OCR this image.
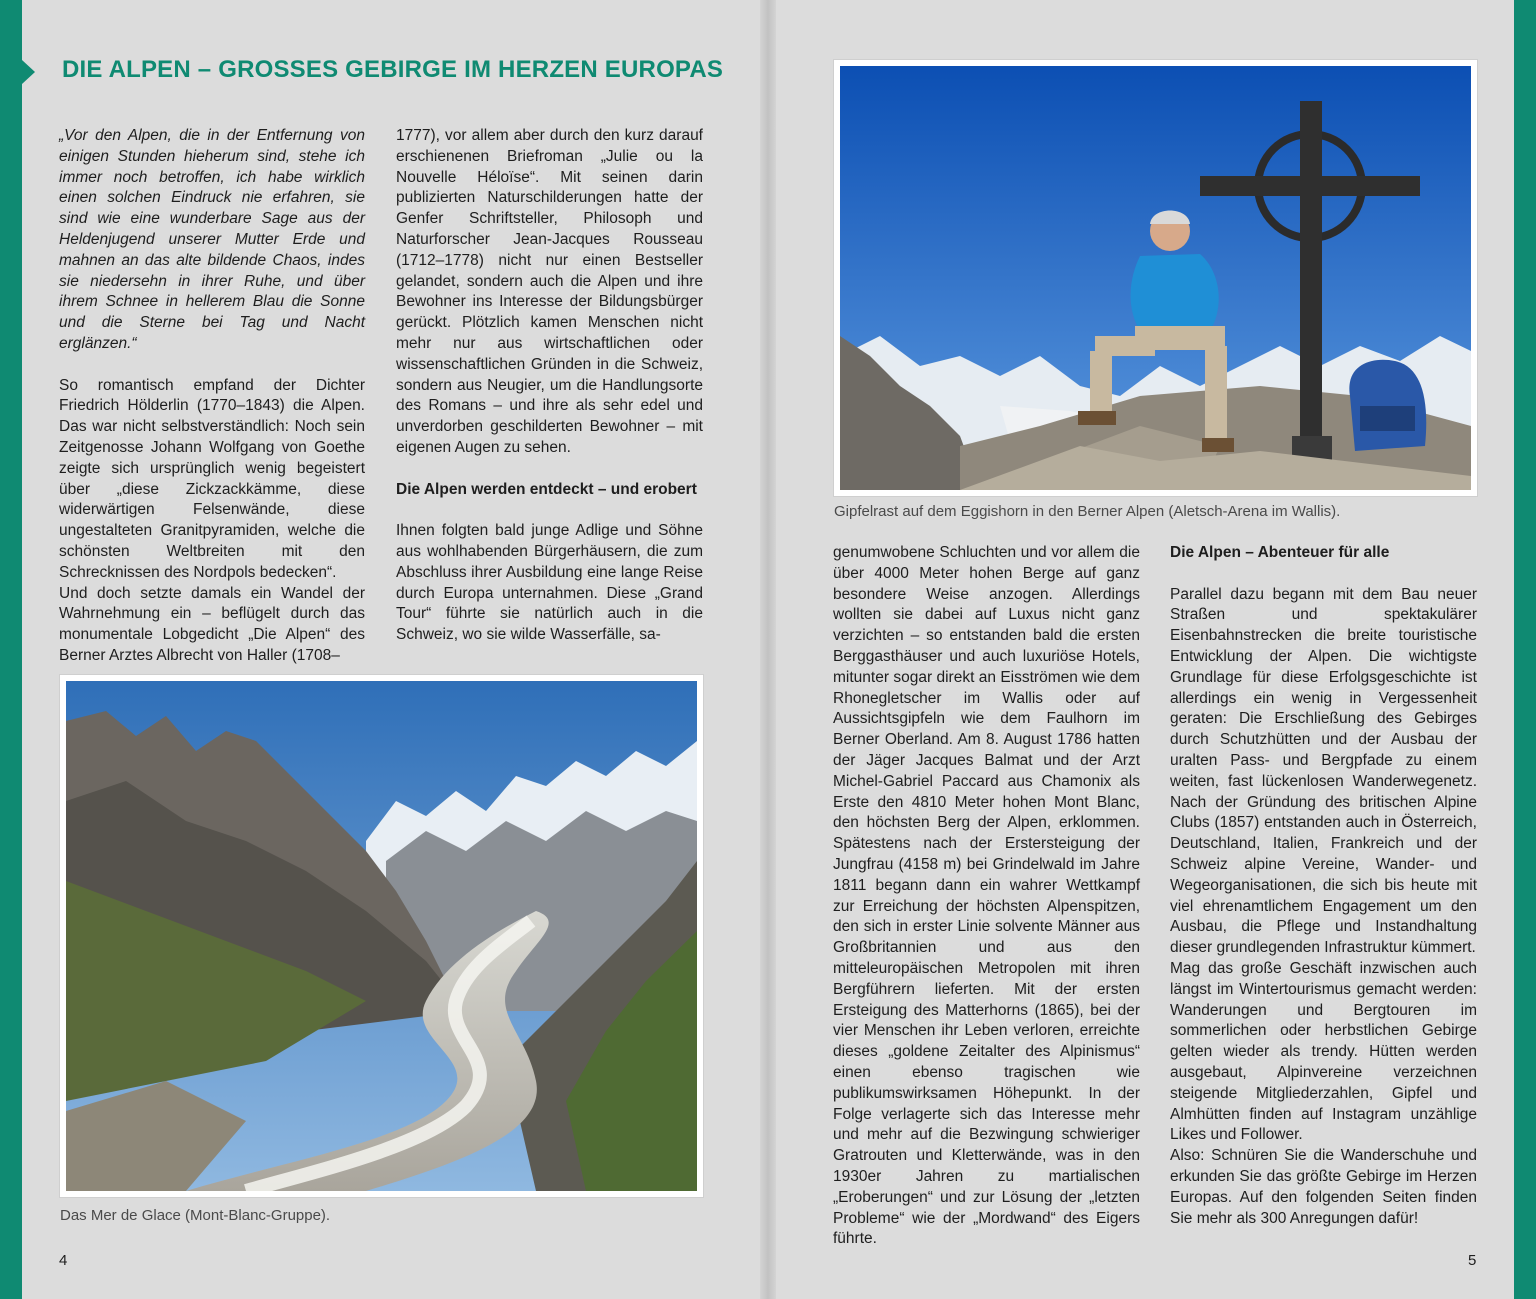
DIE ALPEN – GROSSES GEBIRGE IM HERZEN EUROPAS

„Vor den Alpen, die in der Entfernung von einigen Stunden hieherum sind, stehe ich immer noch betroffen, ich habe wirklich einen solchen Eindruck nie erfahren, sie sind wie eine wunderbare Sage aus der Heldenjugend unserer Mutter Erde und mahnen an das alte bildende Chaos, indes sie niedersehn in ihrer Ruhe, und über ihrem Schnee in hellerem Blau die Sonne und die Sterne bei Tag und Nacht erglänzen.“

So romantisch empfand der Dichter Friedrich Hölderlin (1770–1843) die Alpen. Das war nicht selbstverständlich: Noch sein Zeitgenosse Johann Wolfgang von Goethe zeigte sich ursprünglich wenig begeistert über „diese Zickzackkämme, diese widerwärtigen Felsenwände, diese ungestalteten Granitpyramiden, welche die schönsten Weltbreiten mit den Schrecknissen des Nordpols bedecken“.

Und doch setzte damals ein Wandel der Wahrnehmung ein – beflügelt durch das monumentale Lobgedicht „Die Alpen“ des Berner Arztes Albrecht von Haller (1708–

1777), vor allem aber durch den kurz darauf erschienenen Briefroman „Julie ou la Nouvelle Héloïse“. Mit seinen darin publizierten Naturschilderungen hatte der Genfer Schriftsteller, Philosoph und Naturforscher Jean-Jacques Rousseau (1712–1778) nicht nur einen Bestseller gelandet, sondern auch die Alpen und ihre Bewohner ins Interesse der Bildungsbürger gerückt. Plötzlich kamen Menschen nicht mehr nur aus wirtschaftlichen oder wissenschaftlichen Gründen in die Schweiz, sondern aus Neugier, um die Handlungsorte des Romans – und ihre als sehr edel und unverdorben geschilderten Bewohner – mit eigenen Augen zu sehen.

Die Alpen werden entdeckt – und erobert

Ihnen folgten bald junge Adlige und Söhne aus wohlhabenden Bürgerhäusern, die zum Abschluss ihrer Ausbildung eine lange Reise durch Europa unternahmen. Diese „Grand Tour“ führte sie natürlich auch in die Schweiz, wo sie wilde Wasserfälle, sa-

Das Mer de Glace (Mont-Blanc-Gruppe).
4
Gipfelrast auf dem Eggishorn in den Berner Alpen (Aletsch-Arena im Wallis).

genumwobene Schluchten und vor allem die über 4000 Meter hohen Berge auf ganz besondere Weise anzogen. Allerdings wollten sie dabei auf Luxus nicht ganz verzichten – so entstanden bald die ersten Berggasthäuser und auch luxuriöse Hotels, mitunter sogar direkt an Eisströmen wie dem Rhonegletscher im Wallis oder auf Aussichtsgipfeln wie dem Faulhorn im Berner Oberland. Am 8. August 1786 hatten der Jäger Jacques Balmat und der Arzt Michel-Gabriel Paccard aus Chamonix als Erste den 4810 Meter hohen Mont Blanc, den höchsten Berg der Alpen, erklommen. Spätestens nach der Erstersteigung der Jungfrau (4158 m) bei Grindelwald im Jahre 1811 begann dann ein wahrer Wettkampf zur Erreichung der höchsten Alpenspitzen, den sich in erster Linie solvente Männer aus Großbritannien und aus den mitteleuropäischen Metropolen mit ihren Bergführern lieferten. Mit der ersten Ersteigung des Matterhorns (1865), bei der vier Menschen ihr Leben verloren, erreichte dieses „goldene Zeitalter des Alpinismus“ einen ebenso tragischen wie publikumswirksamen Höhepunkt. In der Folge verlagerte sich das Interesse mehr und mehr auf die Bezwingung schwieriger Gratrouten und Kletterwände, was in den 1930er Jahren zu martialischen „Eroberungen“ und zur Lösung der „letzten Probleme“ wie der „Mordwand“ des Eigers führte.

Die Alpen – Abenteuer für alle

Parallel dazu begann mit dem Bau neuer Straßen und spektakulärer Eisenbahnstrecken die breite touristische Entwicklung der Alpen. Die wichtigste Grundlage für diese Erfolgsgeschichte ist allerdings ein wenig in Vergessenheit geraten: Die Erschließung des Gebirges durch Schutzhütten und der Ausbau der uralten Pass- und Bergpfade zu einem weiten, fast lückenlosen Wanderwegenetz. Nach der Gründung des britischen Alpine Clubs (1857) entstanden auch in Österreich, Deutschland, Italien, Frankreich und der Schweiz alpine Vereine, Wander- und Wegeorganisationen, die sich bis heute mit viel ehrenamtlichem Engagement um den Ausbau, die Pflege und Instandhaltung dieser grundlegenden Infrastruktur kümmert.

Mag das große Geschäft inzwischen auch längst im Wintertourismus gemacht werden: Wanderungen und Bergtouren im sommerlichen oder herbstlichen Gebirge gelten wieder als trendy. Hütten werden ausgebaut, Alpinvereine verzeichnen steigende Mitgliederzahlen, Gipfel und Almhütten finden auf Instagram unzählige Likes und Follower.

Also: Schnüren Sie die Wanderschuhe und erkunden Sie das größte Gebirge im Herzen Europas. Auf den folgenden Seiten finden Sie mehr als 300 Anregungen dafür!

5
